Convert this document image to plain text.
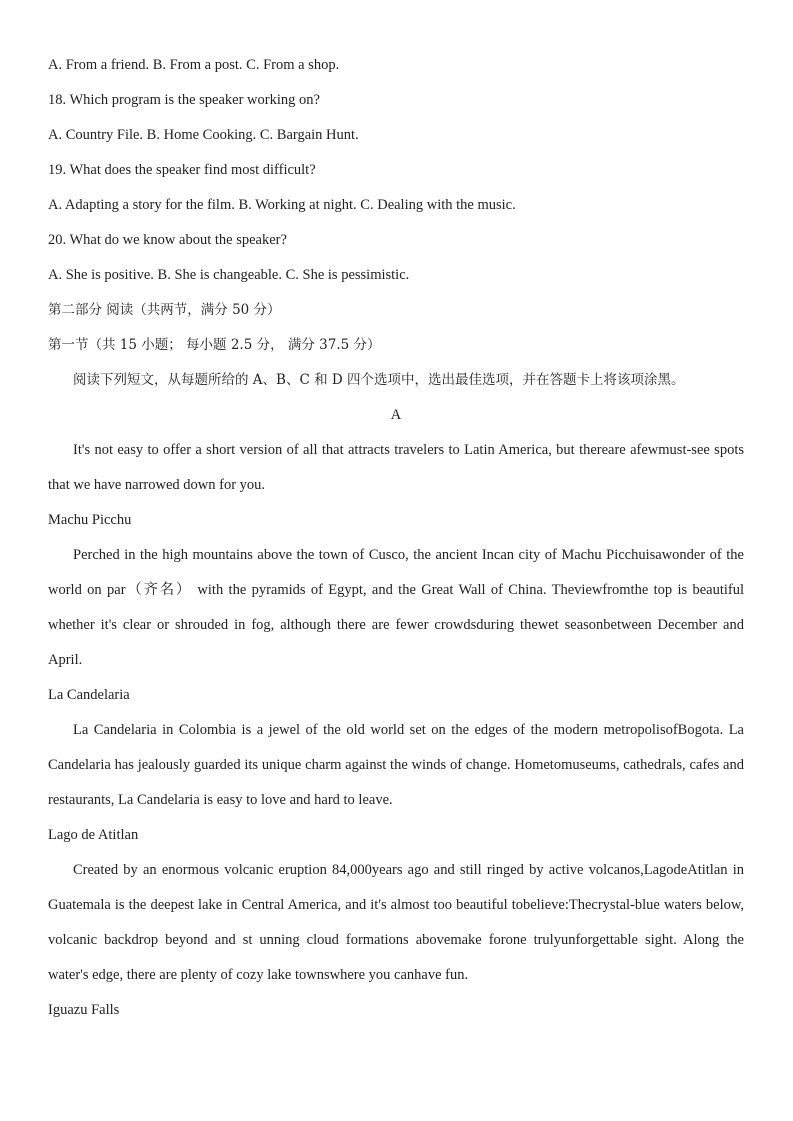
A. From a friend. B. From a post. C. From a shop.
18. Which program is the speaker working on?
A. Country File. B. Home Cooking. C. Bargain Hunt.
19. What does the speaker find most difficult?
A. Adapting a story for the film. B. Working at night. C. Dealing with the music.
20. What do we know about the speaker?
A. She is positive. B. She is changeable. C. She is pessimistic.
第二部分 阅读（共两节，满分 50 分）
第一节（共 15 小题； 每小题 2.5 分， 满分 37.5 分）
阅读下列短文，从每题所给的 A、B、C 和 D 四个选项中，选出最佳选项，并在答题卡上将该项涂黑。
A
It's not easy to offer a short version of all that attracts travelers to Latin America, but thereare afewmust-see spots that we have narrowed down for you.
Machu Picchu
Perched in the high mountains above the town of Cusco, the ancient Incan city of Machu Picchuisawonder of the world on par（齐名） with the pyramids of Egypt, and the Great Wall of China. Theviewfromthe top is beautiful whether it's clear or shrouded in fog, although there are fewer crowdsduring thewet seasonbetween December and April.
La Candelaria
La Candelaria in Colombia is a jewel of the old world set on the edges of the modern metropolisofBogota. La Candelaria has jealously guarded its unique charm against the winds of change. Hometomuseums, cathedrals, cafes and restaurants, La Candelaria is easy to love and hard to leave.
Lago de Atitlan
Created by an enormous volcanic eruption 84,000years ago and still ringed by active volcanos,LagodeAtitlan in Guatemala is the deepest lake in Central America, and it's almost too beautiful tobelieve:Thecrystal-blue waters below, volcanic backdrop beyond and st unning cloud formations abovemake forone trulyunforgettable sight. Along the water's edge, there are plenty of cozy lake townswhere you canhave fun.
Iguazu Falls
